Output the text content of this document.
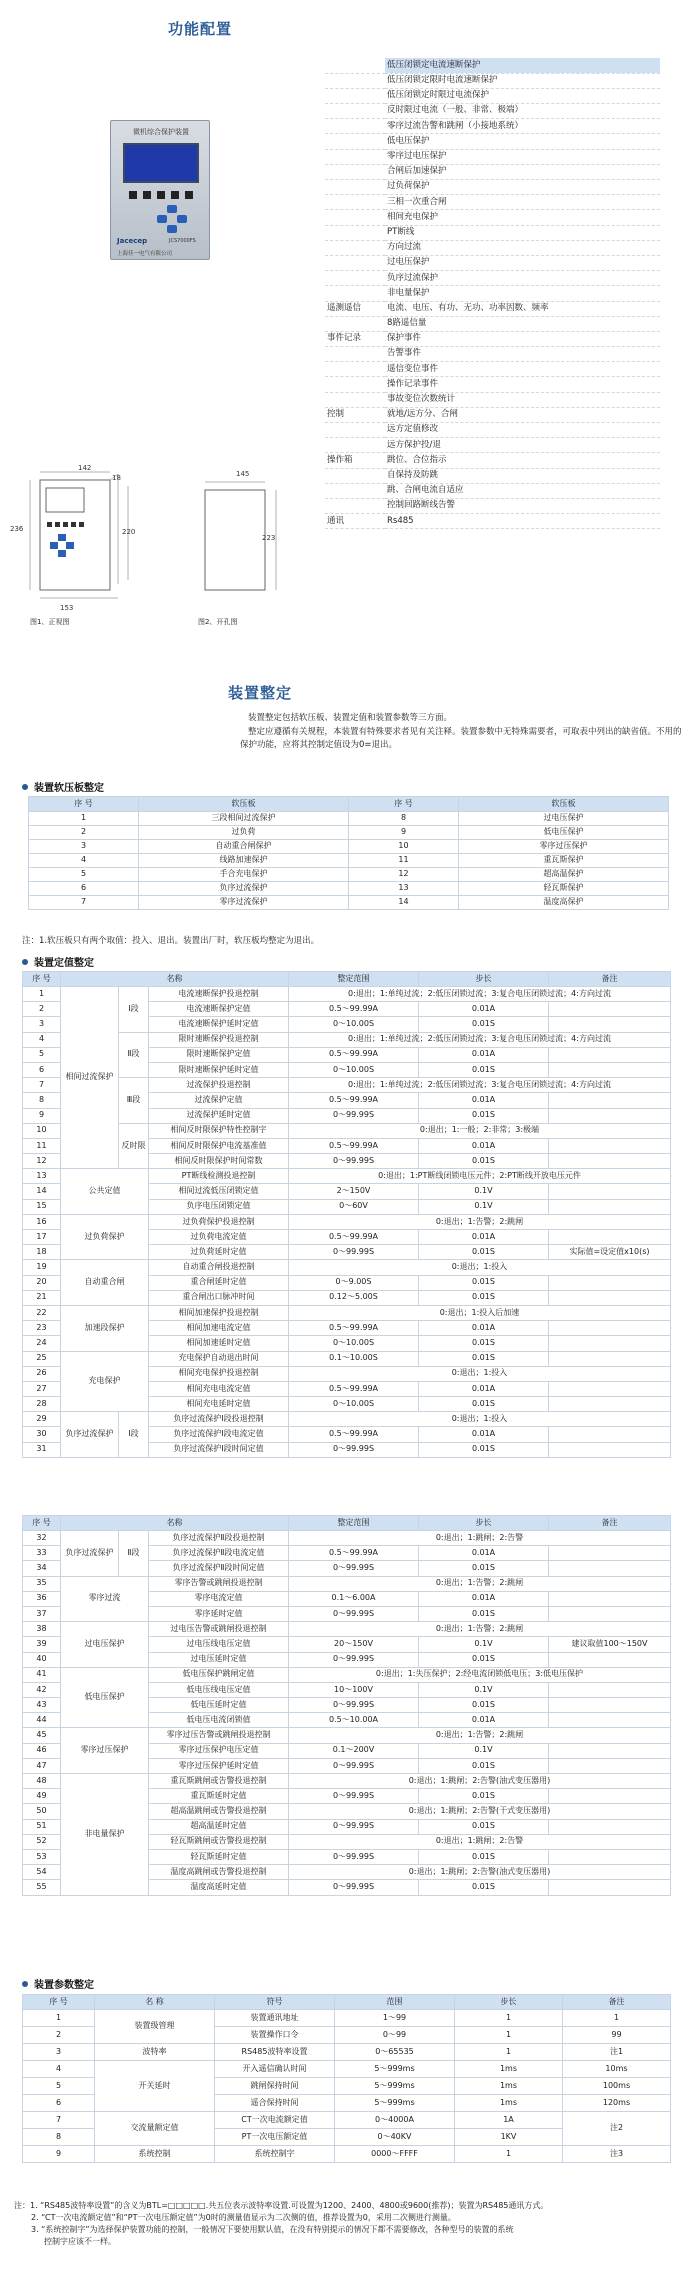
功能配置
微机综合保护装置
Jacecep	JCS7000FS
上海佳一电气有限公司
142
236
18
220
153
图1、正视图
145
223
图2、开孔图
	低压闭锁定电流速断保护
	低压闭锁定限时电流速断保护
	低压闭锁定时限过电流保护
	反时限过电流（一般、非常、极端）
	零序过流告警和跳闸（小接地系统）
	低电压保护
	零序过电压保护
	合闸后加速保护
	过负荷保护
	三相一次重合闸
	相间充电保护
	PT断线
	方向过流
	过电压保护
	负序过流保护
	非电量保护
遥测遥信	电流、电压、有功、无功、功率因数、频率
	8路遥信量
事件记录	保护事件
	告警事件
	遥信变位事件
	操作记录事件
	事故变位次数统计
控制	就地/远方分、合闸
	远方定值修改
	远方保护投/退
操作箱	跳位、合位指示
	自保持及防跳
	跳、合闸电流自适应
	控制回路断线告警
通讯	Rs485
装置整定
装置整定包括软压板、装置定值和装置参数等三方面。
整定应遵循有关规程，本装置有特殊要求者见有关注释。装置参数中无特殊需要者，可取表中列出的缺省值。不用的保护功能，应将其控制定值设为0=退出。
装置软压板整定
序 号	软压板	序 号	软压板
1	三段相间过流保护	8	过电压保护
2	过负荷	9	低电压保护
3	自动重合闸保护	10	零序过压保护
4	线路加速保护	11	重瓦斯保护
5	手合充电保护	12	超高温保护
6	负序过流保护	13	轻瓦斯保护
7	零序过流保护	14	温度高保护
注：1.软压板只有两个取值：投入、退出。装置出厂时，软压板均整定为退出。
装置定值整定
序 号	名称			整定范围	步长	备注
1	相间过流保护	Ⅰ段	电流速断保护投退控制	0:退出；1:单纯过流；2:低压闭锁过流；3:复合电压闭锁过流；4:方向过流		
2			电流速断保护定值	0.5～99.99A	0.01A	
3			电流速断保护延时定值	0～10.00S	0.01S	
4		Ⅱ段	限时速断保护投退控制	0:退出；1:单纯过流；2:低压闭锁过流；3:复合电压闭锁过流；4:方向过流		
5			限时速断保护定值	0.5～99.99A	0.01A	
6			限时速断保护延时定值	0～10.00S	0.01S	
7		Ⅲ段	过流保护投退控制	0:退出；1:单纯过流；2:低压闭锁过流；3:复合电压闭锁过流；4:方向过流		
8			过流保护定值	0.5～99.99A	0.01A	
9			过流保护延时定值	0～99.99S	0.01S	
10		反时限	相间反时限保护特性控制字	0:退出；1:一般；2:非常；3:极端		
11			相间反时限保护电流基准值	0.5～99.99A	0.01A	
12			相间反时限保护时间常数	0～99.99S	0.01S	
13	公共定值		PT断线检测投退控制	0:退出；1:PT断线闭锁电压元件；2:PT断线开放电压元件		
14			相间过流低压闭锁定值	2～150V	0.1V	
15			负序电压闭锁定值	0～60V	0.1V	
16	过负荷保护		过负荷保护投退控制	0:退出；1:告警；2:跳闸		
17			过负荷电流定值	0.5～99.99A	0.01A	
18			过负荷延时定值	0～99.99S	0.01S	实际值=设定值x10(s)
19	自动重合闸		自动重合闸投退控制	0:退出；1:投入		
20			重合闸延时定值	0～9.00S	0.01S	
21			重合闸出口脉冲时间	0.12～5.00S	0.01S	
22	加速段保护		相间加速保护投退控制	0:退出；1:投入后加速		
23			相间加速电流定值	0.5～99.99A	0.01A	
24			相间加速延时定值	0～10.00S	0.01S	
25	充电保护		充电保护自动退出时间	0.1～10.00S	0.01S	
26			相间充电保护投退控制	0:退出；1:投入		
27			相间充电电流定值	0.5～99.99A	0.01A	
28			相间充电延时定值	0～10.00S	0.01S	
29	负序过流保护	Ⅰ段	负序过流保护Ⅰ段投退控制	0:退出；1:投入		
30			负序过流保护Ⅰ段电流定值	0.5～99.99A	0.01A	
31			负序过流保护Ⅰ段时间定值	0～99.99S	0.01S	
序 号	名称			整定范围	步长	备注
32	负序过流保护	Ⅱ段	负序过流保护Ⅱ段投退控制	0:退出；1:跳闸；2:告警		
33			负序过流保护Ⅱ段电流定值	0.5～99.99A	0.01A	
34			负序过流保护Ⅱ段时间定值	0～99.99S	0.01S	
35	零序过流		零序告警或跳闸投退控制	0:退出；1:告警；2:跳闸		
36			零序电流定值	0.1～6.00A	0.01A	
37			零序延时定值	0～99.99S	0.01S	
38	过电压保护		过电压告警或跳闸投退控制	0:退出；1:告警；2:跳闸		
39			过电压线电压定值	20～150V	0.1V	建议取值100～150V
40			过电压延时定值	0～99.99S	0.01S	
41	低电压保护		低电压保护跳闸定值	0:退出；1:失压保护；2:经电流闭锁低电压；3:低电压保护		
42			低电压线电压定值	10～100V	0.1V	
43			低电压延时定值	0～99.99S	0.01S	
44			低电压电流闭锁值	0.5～10.00A	0.01A	
45	零序过压保护		零序过压告警或跳闸投退控制	0:退出；1:告警；2:跳闸		
46			零序过压保护电压定值	0.1～200V	0.1V	
47			零序过压保护延时定值	0～99.99S	0.01S	
48	非电量保护		重瓦斯跳闸或告警投退控制	0:退出；1:跳闸；2:告警(油式变压器用)		
49			重瓦斯延时定值	0～99.99S	0.01S	
50			超高温跳闸或告警投退控制	0:退出；1:跳闸；2:告警(干式变压器用)		
51			超高温延时定值	0～99.99S	0.01S	
52			轻瓦斯跳闸或告警投退控制	0:退出；1:跳闸；2:告警		
53			轻瓦斯延时定值	0～99.99S	0.01S	
54			温度高跳闸或告警投退控制	0:退出；1:跳闸；2:告警(油式变压器用)		
55			温度高延时定值	0～99.99S	0.01S	
装置参数整定
序 号	名 称	符号	范围	步长	备注
1	装置级管理	装置通讯地址	1～99	1	1
2		装置操作口令	0～99	1	99
3	波特率	RS485波特率设置	0～65535	1	注1
4	开关延时	开入遥信确认时间	5～999ms	1ms	10ms
5		跳闸保持时间	5～999ms	1ms	100ms
6		遥合保持时间	5～999ms	1ms	120ms
7	交流量额定值	CT一次电流额定值	0～4000A	1A	注2
8		PT一次电压额定值	0～40KV	1KV	
9	系统控制	系统控制字	0000～FFFF	1	注3
注：1. “RS485波特率设置”的含义为BTL=□□□□□.共五位表示波特率设置.可设置为1200、2400、4800或9600(推荐)；装置为RS485通讯方式。
2. “CT一次电流额定值”和“PT一次电压额定值”为0时的测量值显示为二次侧的值，推荐设置为0，采用二次侧进行测量。
3. “系统控制字”为选择保护装置功能的控制，一般情况下要使用默认值，在没有特别提示的情况下都不需要修改，各种型号的装置的系统
控制字应该不一样。
